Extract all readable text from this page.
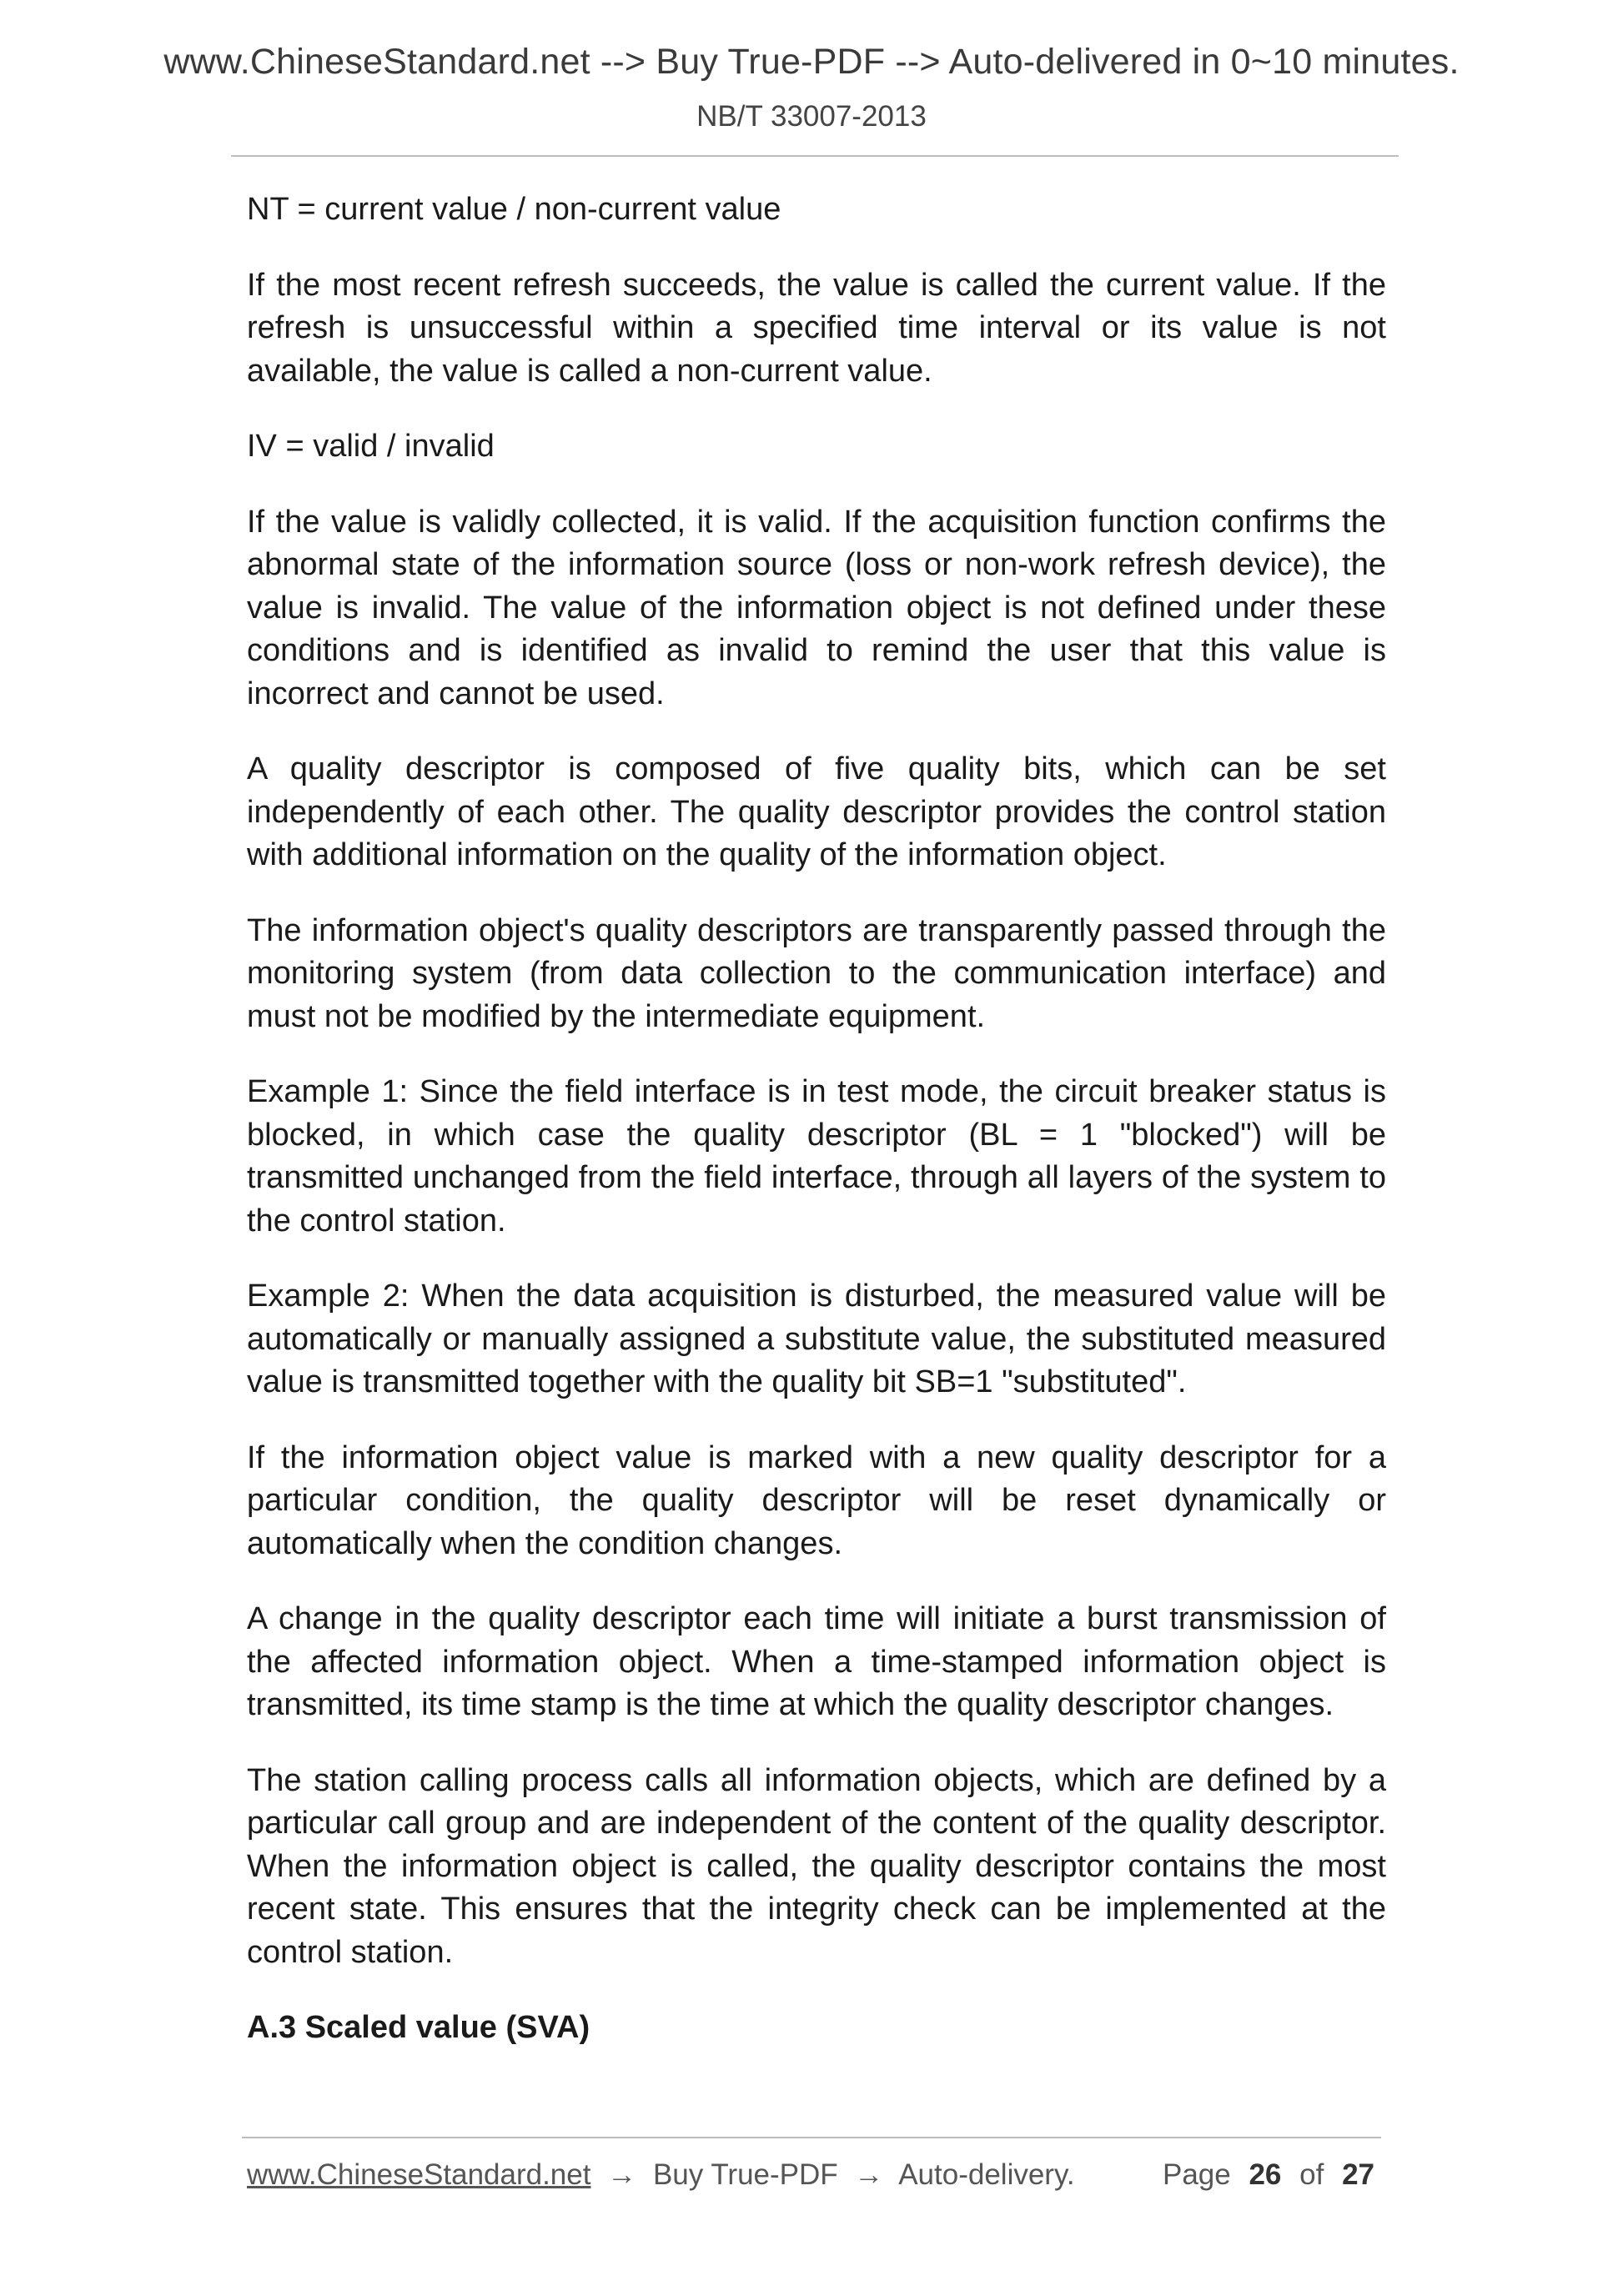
www.ChineseStandard.net --> Buy True-PDF --> Auto-delivered in 0~10 minutes.
NB/T 33007-2013

NT = current value / non-current value

If the most recent refresh succeeds, the value is called the current value. If the refresh is unsuccessful within a specified time interval or its value is not available, the value is called a non-current value.

IV = valid / invalid

If the value is validly collected, it is valid. If the acquisition function confirms the abnormal state of the information source (loss or non-work refresh device), the value is invalid. The value of the information object is not defined under these conditions and is identified as invalid to remind the user that this value is incorrect and cannot be used.

A quality descriptor is composed of five quality bits, which can be set independently of each other. The quality descriptor provides the control station with additional information on the quality of the information object.

The information object's quality descriptors are transparently passed through the monitoring system (from data collection to the communication interface) and must not be modified by the intermediate equipment.

Example 1: Since the field interface is in test mode, the circuit breaker status is blocked, in which case the quality descriptor (BL = 1 "blocked") will be transmitted unchanged from the field interface, through all layers of the system to the control station.

Example 2: When the data acquisition is disturbed, the measured value will be automatically or manually assigned a substitute value, the substituted measured value is transmitted together with the quality bit SB=1 "substituted".

If the information object value is marked with a new quality descriptor for a particular condition, the quality descriptor will be reset dynamically or automatically when the condition changes.

A change in the quality descriptor each time will initiate a burst transmission of the affected information object. When a time-stamped information object is transmitted, its time stamp is the time at which the quality descriptor changes.

The station calling process calls all information objects, which are defined by a particular call group and are independent of the content of the quality descriptor. When the information object is called, the quality descriptor contains the most recent state. This ensures that the integrity check can be implemented at the control station.

A.3 Scaled value (SVA)

www.ChineseStandard.net → Buy True-PDF → Auto-delivery.	Page 26 of 27
